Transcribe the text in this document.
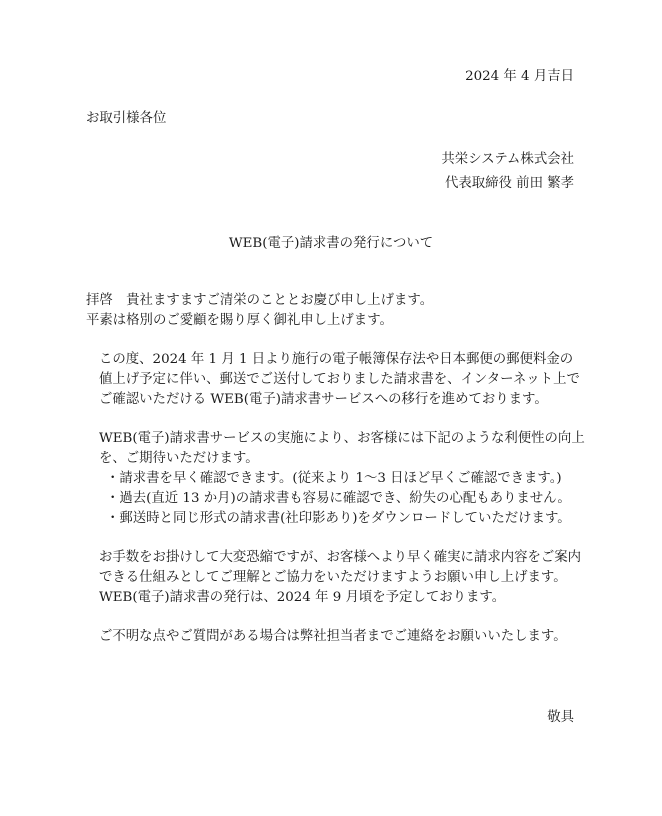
2024 年 4 月吉日
お取引様各位
共栄システム株式会社
代表取締役 前田 繁孝
WEB(電子)請求書の発行について

拝啓　貴社ますますご清栄のこととお慶び申し上げます。

平素は格別のご愛顧を賜り厚く御礼申し上げます。

この度、2024 年 1 月 1 日より施行の電子帳簿保存法や日本郵便の郵便料金の値上げ予定に伴い、郵送でご送付しておりました請求書を、インターネット上でご確認いただける WEB(電子)請求書サービスへの移行を進めております。

WEB(電子)請求書サービスの実施により、お客様には下記のような利便性の向上を、ご期待いただけます。

・請求書を早く確認できます。(従来より 1～3 日ほど早くご確認できます。)

・過去(直近 13 か月)の請求書も容易に確認でき、紛失の心配もありません。

・郵送時と同じ形式の請求書(社印影あり)をダウンロードしていただけます。

お手数をお掛けして大変恐縮ですが、お客様へより早く確実に請求内容をご案内できる仕組みとしてご理解とご協力をいただけますようお願い申し上げます。

WEB(電子)請求書の発行は、2024 年 9 月頃を予定しております。

ご不明な点やご質問がある場合は弊社担当者までご連絡をお願いいたします。

敬具
